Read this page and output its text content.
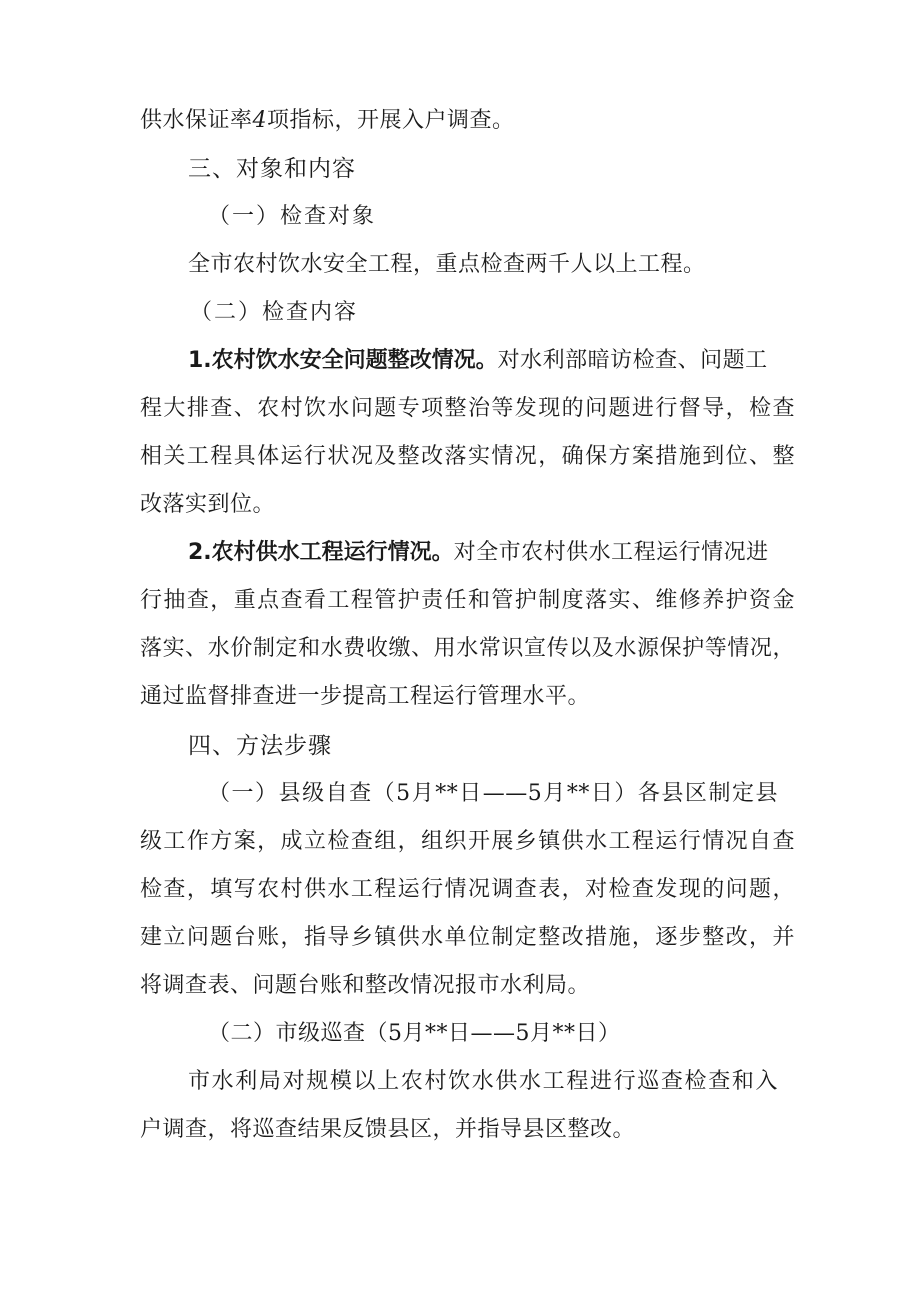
供水保证率4项指标，开展入户调查。
三、对象和内容
（一）检查对象
全市农村饮水安全工程，重点检查两千人以上工程。
（二）检查内容
1.农村饮水安全问题整改情况。对水利部暗访检查、问题工
程大排查、农村饮水问题专项整治等发现的问题进行督导，检查
相关工程具体运行状况及整改落实情况，确保方案措施到位、整
改落实到位。
2.农村供水工程运行情况。对全市农村供水工程运行情况进
行抽查，重点查看工程管护责任和管护制度落实、维修养护资金
落实、水价制定和水费收缴、用水常识宣传以及水源保护等情况，
通过监督排查进一步提高工程运行管理水平。
四、方法步骤
（一）县级自查（5月**日——5月**日）各县区制定县
级工作方案，成立检查组，组织开展乡镇供水工程运行情况自查
检查，填写农村供水工程运行情况调查表，对检查发现的问题，
建立问题台账，指导乡镇供水单位制定整改措施，逐步整改，并
将调查表、问题台账和整改情况报市水利局。
（二）市级巡查（5月**日——5月**日）
市水利局对规模以上农村饮水供水工程进行巡查检查和入
户调查，将巡查结果反馈县区，并指导县区整改。
